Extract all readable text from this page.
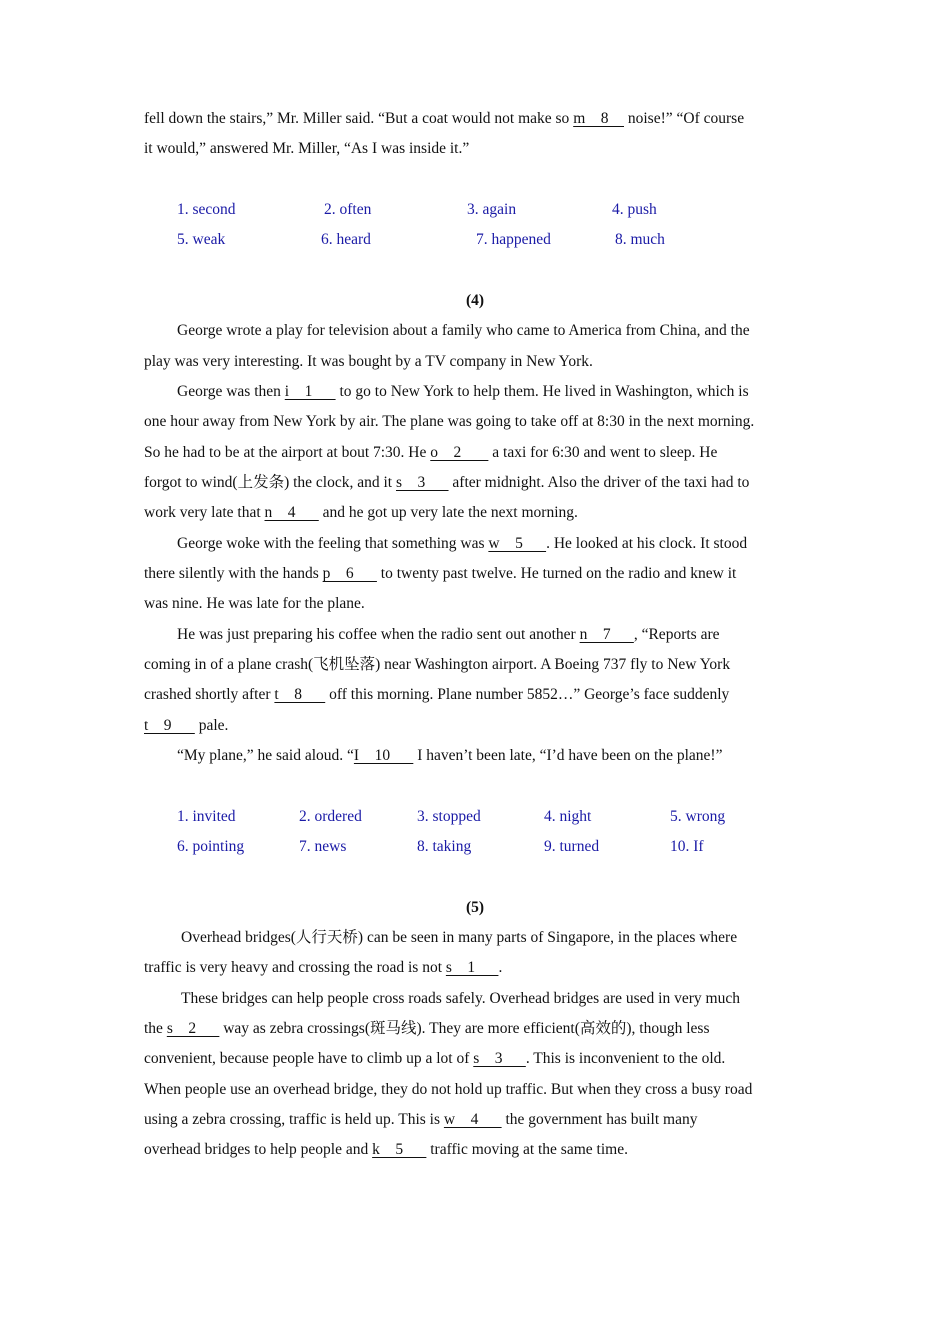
fell down the stairs,” Mr. Miller said. “But a coat would not make so m    8     noise!” “Of course
it would,” answered Mr. Miller, “As I was inside it.”
1. second	2. often	3. again	4. push
5. weak	6. heard	7. happened	8. much
(4)
George wrote a play for television about a family who came to America from China, and the
play was very interesting. It was bought by a TV company in New York.
George was then i    1       to go to New York to help them. He lived in Washington, which is
one hour away from New York by air. The plane was going to take off at 8:30 in the next morning.
So he had to be at the airport at bout 7:30. He o    2        a taxi for 6:30 and went to sleep. He
forgot to wind(上发条) the clock, and it s    3       after midnight. Also the driver of the taxi had to
work very late that n    4       and he got up very late the next morning.
George woke with the feeling that something was w    5      . He looked at his clock. It stood
there silently with the hands p    6       to twenty past twelve. He turned on the radio and knew it
was nine. He was late for the plane.
He was just preparing his coffee when the radio sent out another n    7      , “Reports are
coming in of a plane crash(飞机坠落) near Washington airport. A Boeing 737 fly to New York
crashed shortly after t    8       off this morning. Plane number 5852…” George’s face suddenly
t    9       pale.
“My plane,” he said aloud. “I    10       I haven’t been late, “I’d have been on the plane!”
1. invited	2. ordered	3. stopped	4. night	5. wrong
6. pointing	7. news	8. taking	9. turned	10. If
(5)
Overhead bridges(人行天桥) can be seen in many parts of Singapore, in the places where
traffic is very heavy and crossing the road is not s    1      .
These bridges can help people cross roads safely. Overhead bridges are used in very much
the s    2       way as zebra crossings(斑马线). They are more efficient(高效的), though less
convenient, because people have to climb up a lot of s    3      . This is inconvenient to the old.
When people use an overhead bridge, they do not hold up traffic. But when they cross a busy road
using a zebra crossing, traffic is held up. This is w    4       the government has built many
overhead bridges to help people and k    5       traffic moving at the same time.
